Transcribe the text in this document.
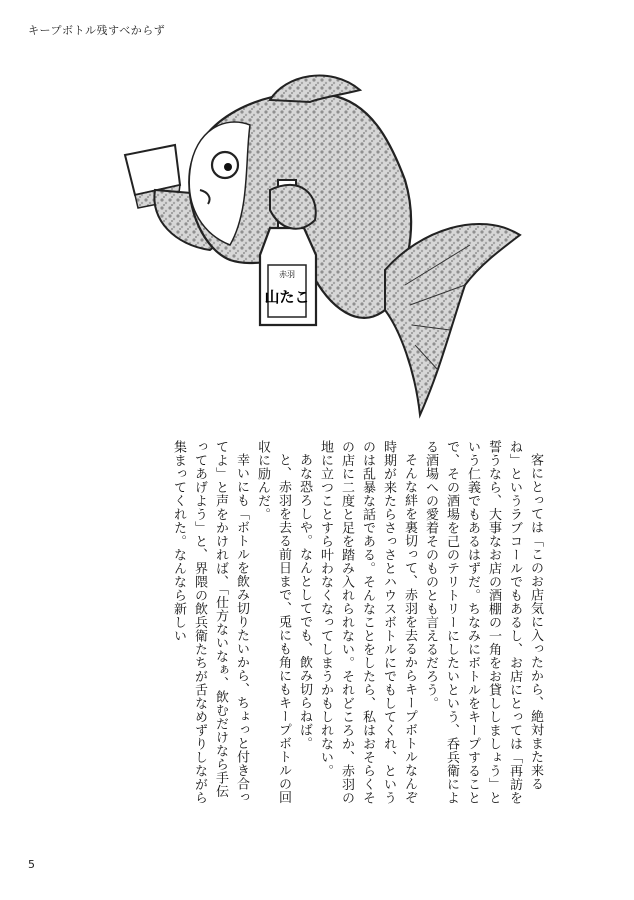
キープボトル残すべからず
赤羽
山たこ

客にとっては「このお店気に入ったから、絶対また来るね」というラブコールでもあるし、お店にとっては「再訪を誓うなら、大事なお店の酒棚の一角をお貸ししましょう」という仁義でもあるはずだ。ちなみにボトルをキープすることで、その酒場を己のテリトリーにしたいという、呑兵衛による酒場への愛着そのものとも言えるだろう。

そんな絆を裏切って、赤羽を去るからキープボトルなんぞ時期が来たらさっさとハウスボトルにでもしてくれ、というのは乱暴な話である。そんなことをしたら、私はおそらくその店に二度と足を踏み入れられない。それどころか、赤羽の地に立つことすら叶わなくなってしまうかもしれない。

あな恐ろしや。なんとしてでも、飲み切らねば。

と、赤羽を去る前日まで、兎にも角にもキープボトルの回収に励んだ。

幸いにも「ボトルを飲み切りたいから、ちょっと付き合ってよ」と声をかければ、「仕方ないなぁ、飲むだけなら手伝ってあげよう」と、界隈の飲兵衛たちが舌なめずりしながら集まってくれた。なんなら新しい

5
